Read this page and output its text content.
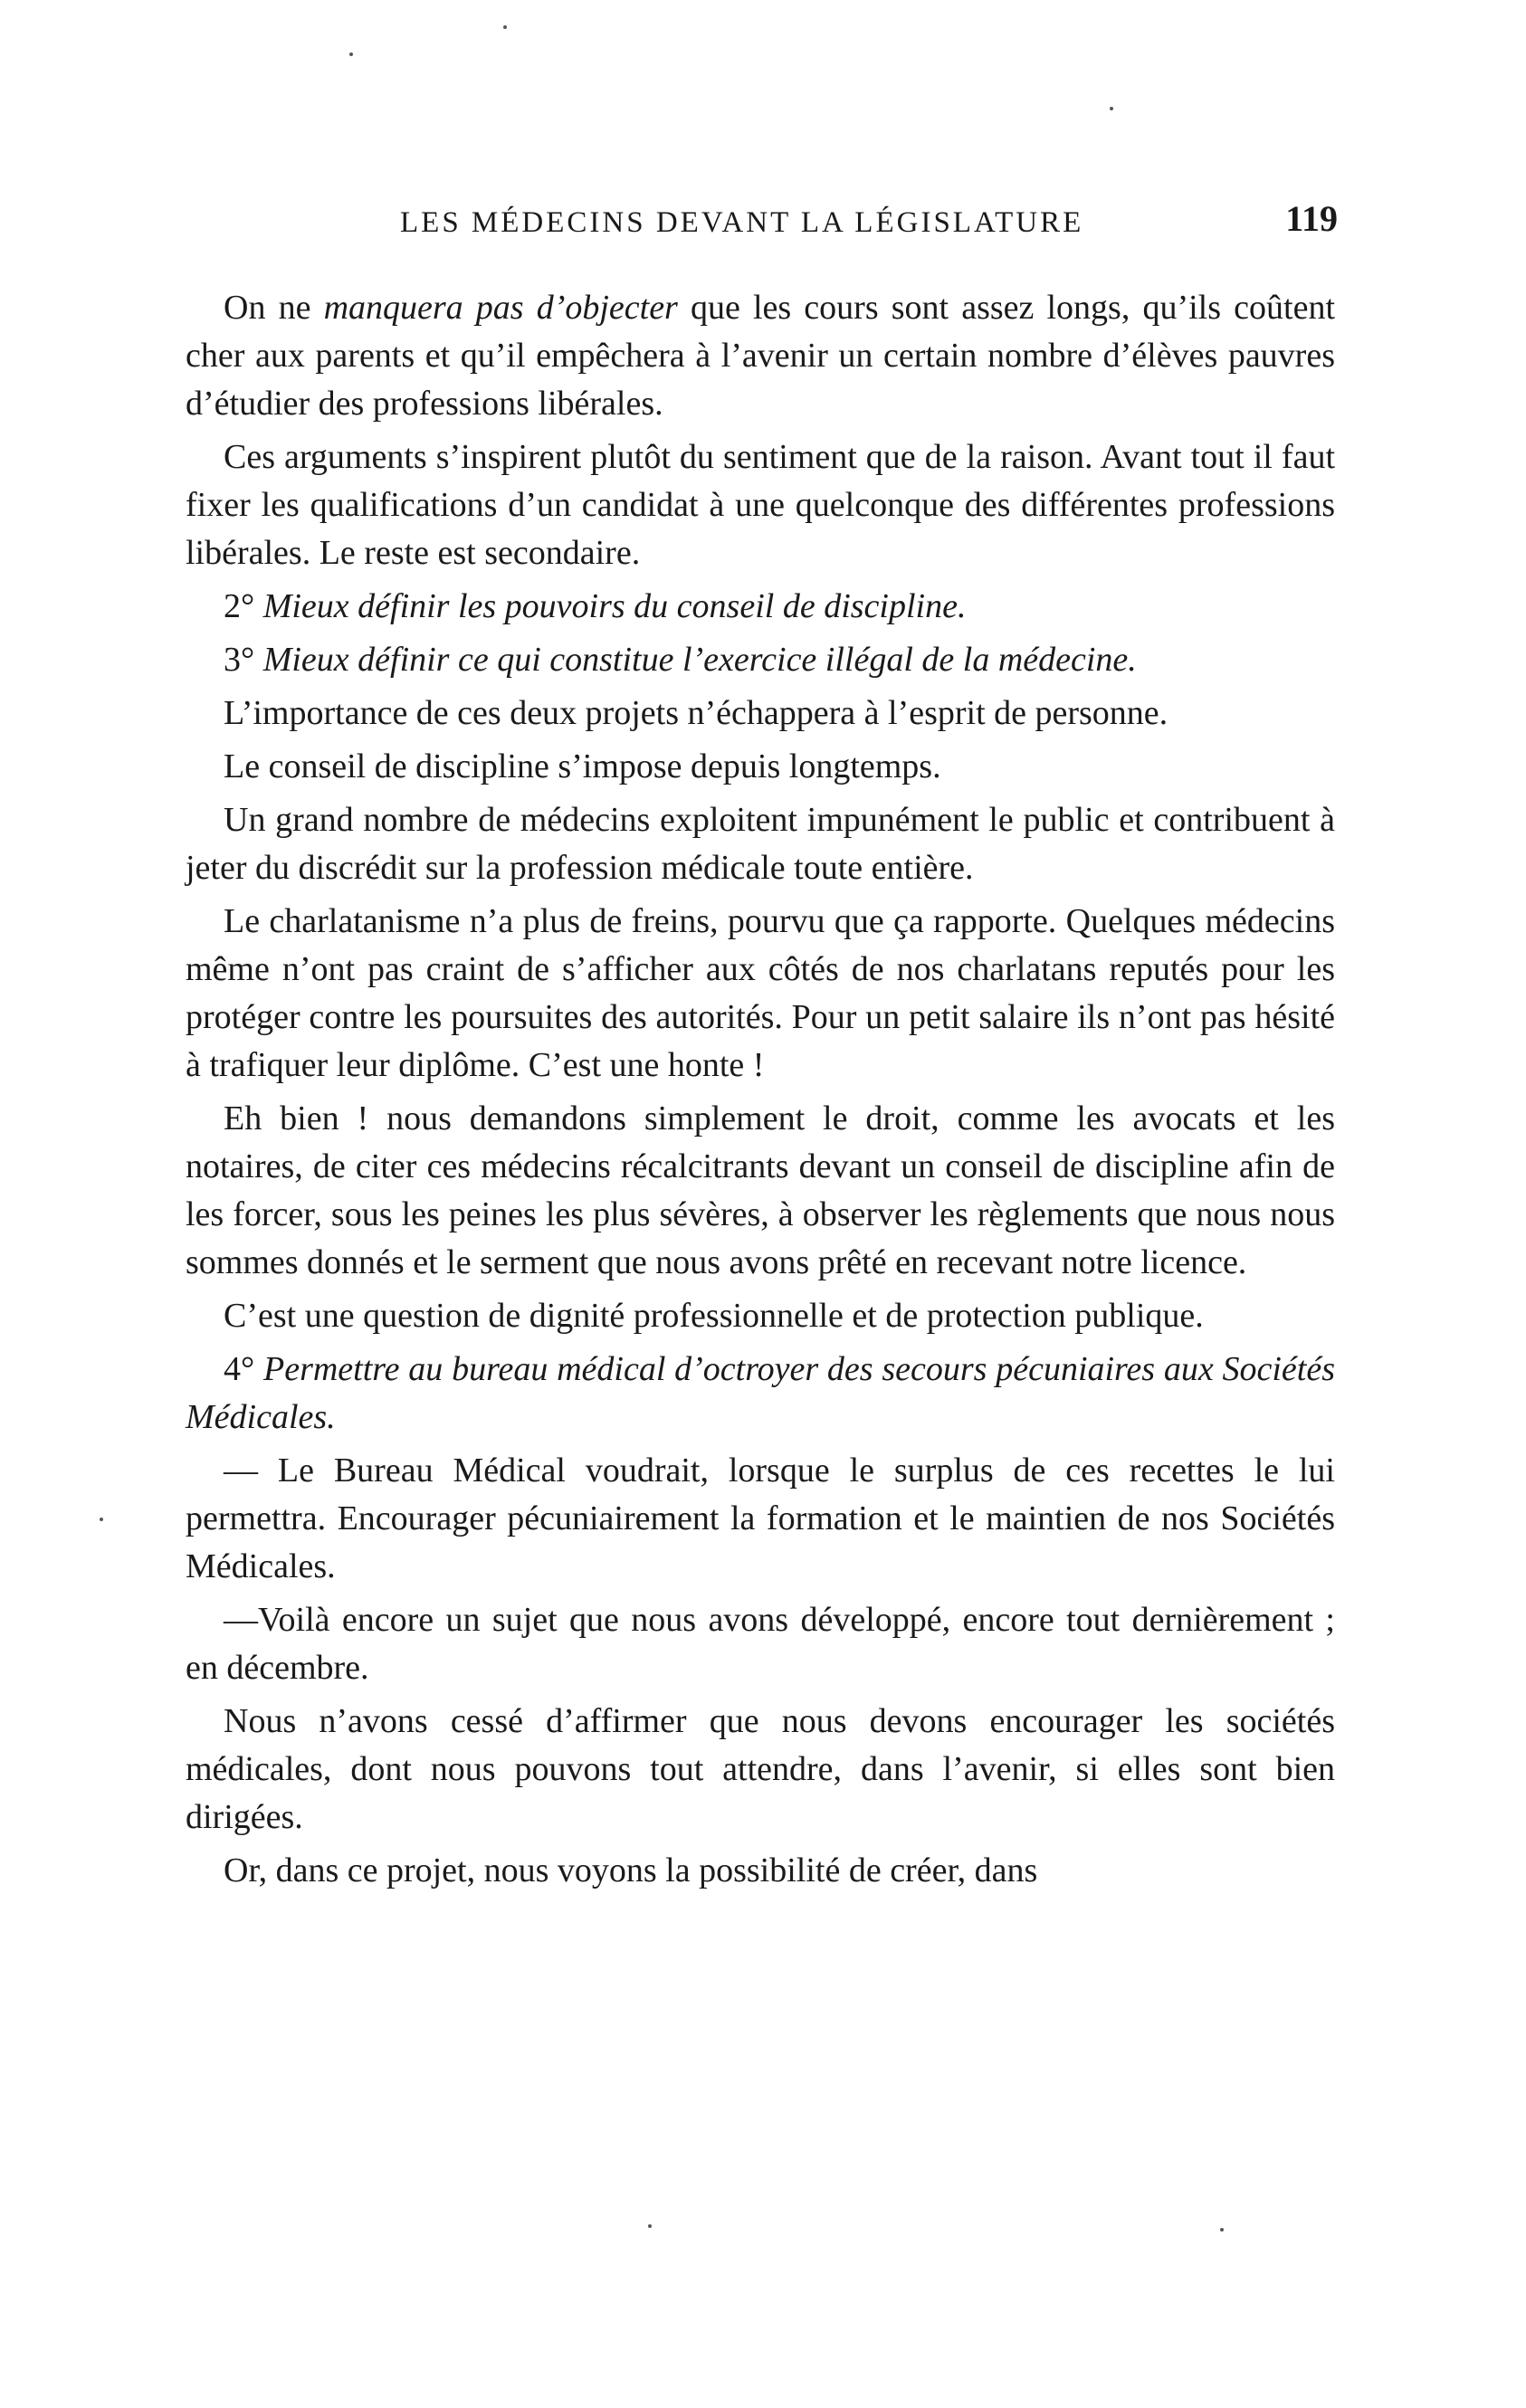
LES MÉDECINS DEVANT LA LÉGISLATURE	119

On ne manquera pas d’objecter que les cours sont assez longs, qu’ils coûtent cher aux parents et qu’il empêchera à l’avenir un certain nombre d’élèves pauvres d’étudier des professions libérales.

Ces arguments s’inspirent plutôt du sentiment que de la raison. Avant tout il faut fixer les qualifications d’un candidat à une quelconque des différentes professions libérales. Le reste est secondaire.

2° Mieux définir les pouvoirs du conseil de discipline.

3° Mieux définir ce qui constitue l’exercice illégal de la médecine.

L’importance de ces deux projets n’échappera à l’esprit de personne.

Le conseil de discipline s’impose depuis longtemps.

Un grand nombre de médecins exploitent impunément le public et contribuent à jeter du discrédit sur la profession médicale toute entière.

Le charlatanisme n’a plus de freins, pourvu que ça rapporte. Quelques médecins même n’ont pas craint de s’afficher aux côtés de nos charlatans reputés pour les protéger contre les poursuites des autorités. Pour un petit salaire ils n’ont pas hésité à trafiquer leur diplôme. C’est une honte !

Eh bien ! nous demandons simplement le droit, comme les avocats et les notaires, de citer ces médecins récalcitrants devant un conseil de discipline afin de les forcer, sous les peines les plus sévères, à observer les règlements que nous nous sommes donnés et le serment que nous avons prêté en recevant notre licence.

C’est une question de dignité professionnelle et de protection publique.

4° Permettre au bureau médical d’octroyer des secours pécuniaires aux Sociétés Médicales.

— Le Bureau Médical voudrait, lorsque le surplus de ces recettes le lui permettra. Encourager pécuniairement la formation et le maintien de nos Sociétés Médicales.

—Voilà encore un sujet que nous avons développé, encore tout dernièrement ; en décembre.

Nous n’avons cessé d’affirmer que nous devons encourager les sociétés médicales, dont nous pouvons tout attendre, dans l’avenir, si elles sont bien dirigées.

Or, dans ce projet, nous voyons la possibilité de créer, dans
